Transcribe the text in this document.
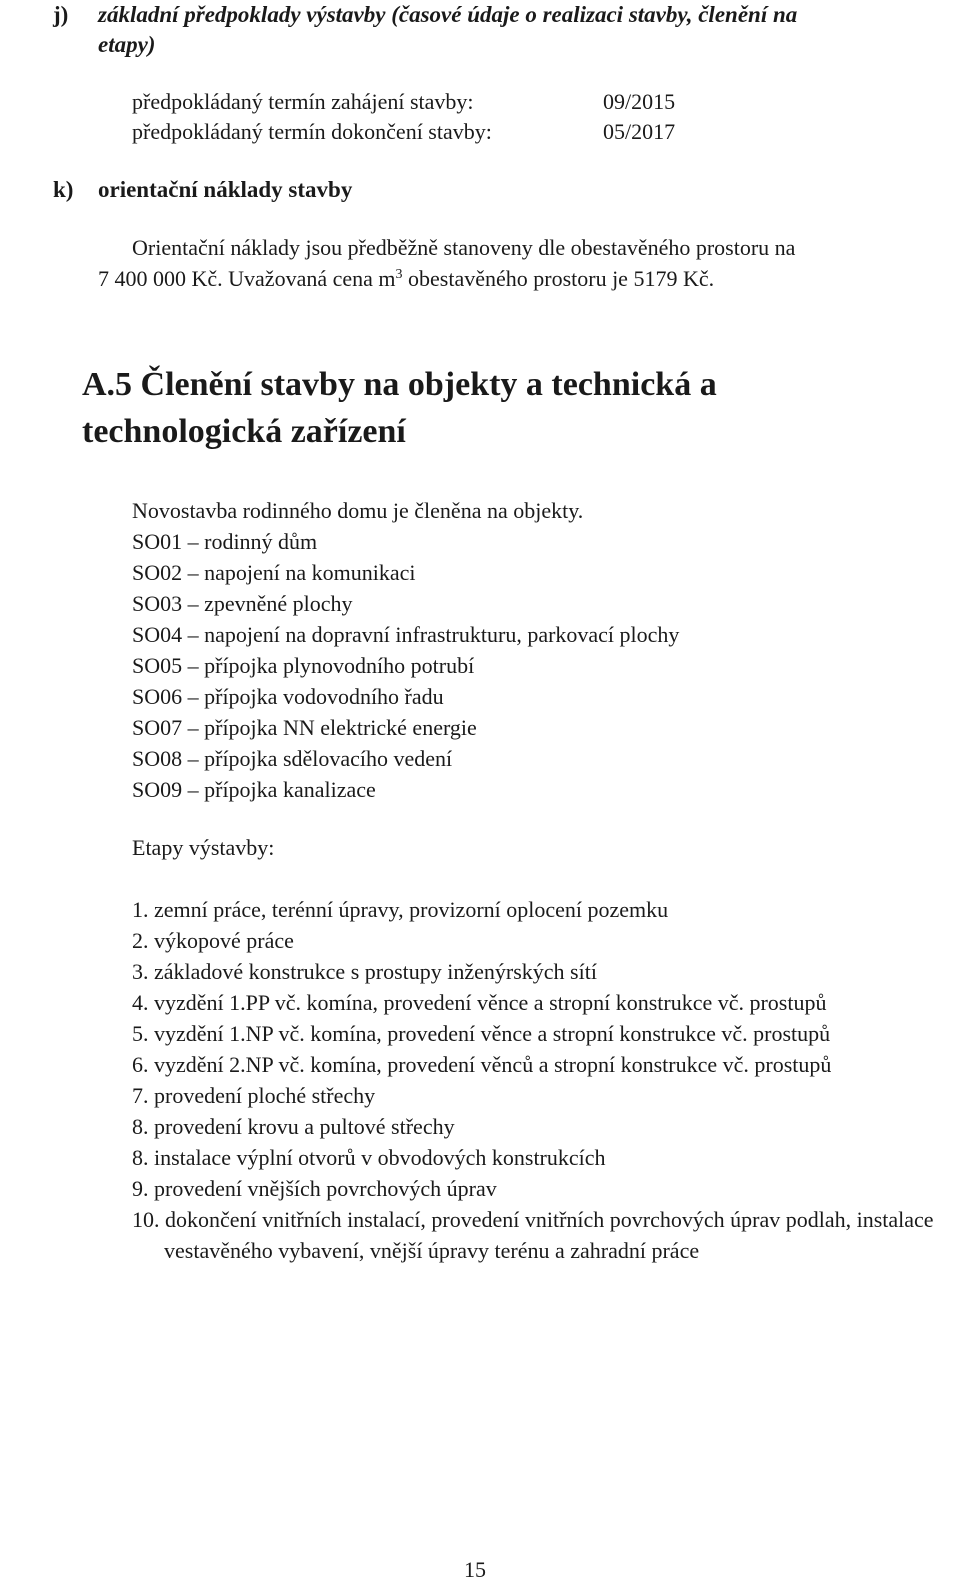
j) základní předpoklady výstavby (časové údaje o realizaci stavby, členění na
etapy)
předpokládaný termín zahájení stavby:	09/2015
předpokládaný termín dokončení stavby:	05/2017
k) orientační náklady stavby
Orientační náklady jsou předběžně stanoveny dle obestavěného prostoru na
7 400 000 Kč. Uvažovaná cena $m^3$ obestavěného prostoru je 5179 Kč.
A.5 Členění stavby na objekty a technická a
technologická zařízení
Novostavba rodinného domu je členěna na objekty.
SO01 – rodinný dům
SO02 – napojení na komunikaci
SO03 – zpevněné plochy
SO04 – napojení na dopravní infrastrukturu, parkovací plochy
SO05 – přípojka plynovodního potrubí
SO06 – přípojka vodovodního řadu
SO07 – přípojka NN elektrické energie
SO08 – přípojka sdělovacího vedení
SO09 – přípojka kanalizace
Etapy výstavby:
1. zemní práce, terénní úpravy, provizorní oplocení pozemku
2. výkopové práce
3. základové konstrukce s prostupy inženýrských sítí
4. vyzdění 1.PP vč. komína, provedení věnce a stropní konstrukce vč. prostupů
5. vyzdění 1.NP vč. komína, provedení věnce a stropní konstrukce vč. prostupů
6. vyzdění 2.NP vč. komína, provedení věnců a stropní konstrukce vč. prostupů
7. provedení ploché střechy
8. provedení krovu a pultové střechy
8. instalace výplní otvorů v obvodových konstrukcích
9. provedení vnějších povrchových úprav
10. dokončení vnitřních instalací, provedení vnitřních povrchových úprav podlah, instalace vestavěného vybavení, vnější úpravy terénu a zahradní práce
15
